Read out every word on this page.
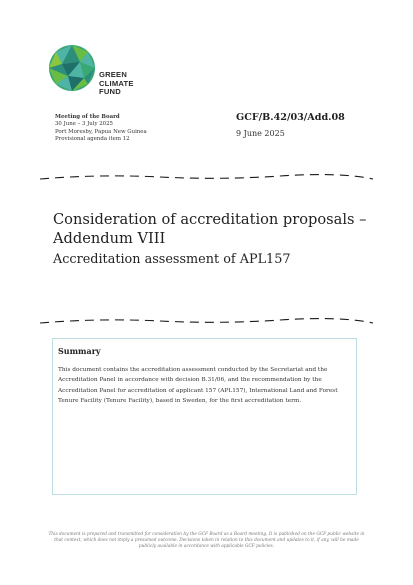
GREEN
CLIMATE
FUND
Meeting of the Board
30 June – 3 July 2025
Port Moresby, Papua New Guinea
Provisional agenda item 12
GCF/B.42/03/Add.08
9 June 2025
Consideration of accreditation proposals – Addendum VIII
Accreditation assessment of APL157
Summary
This document contains the accreditation assessment conducted by the Secretariat and the Accreditation Panel in accordance with decision B.31/06, and the recommendation by the Accreditation Panel for accreditation of applicant 157 (APL157), International Land and Forest Tenure Facility (Tenure Facility), based in Sweden, for the first accreditation term.
This document is prepared and transmitted for consideration by the GCF Board as a Board meeting. It is published on the GCF public website in that context, which does not imply a presumed outcome. Decisions taken in relation to this document and updates to it, if any, will be made publicly available in accordance with applicable GCF policies.
